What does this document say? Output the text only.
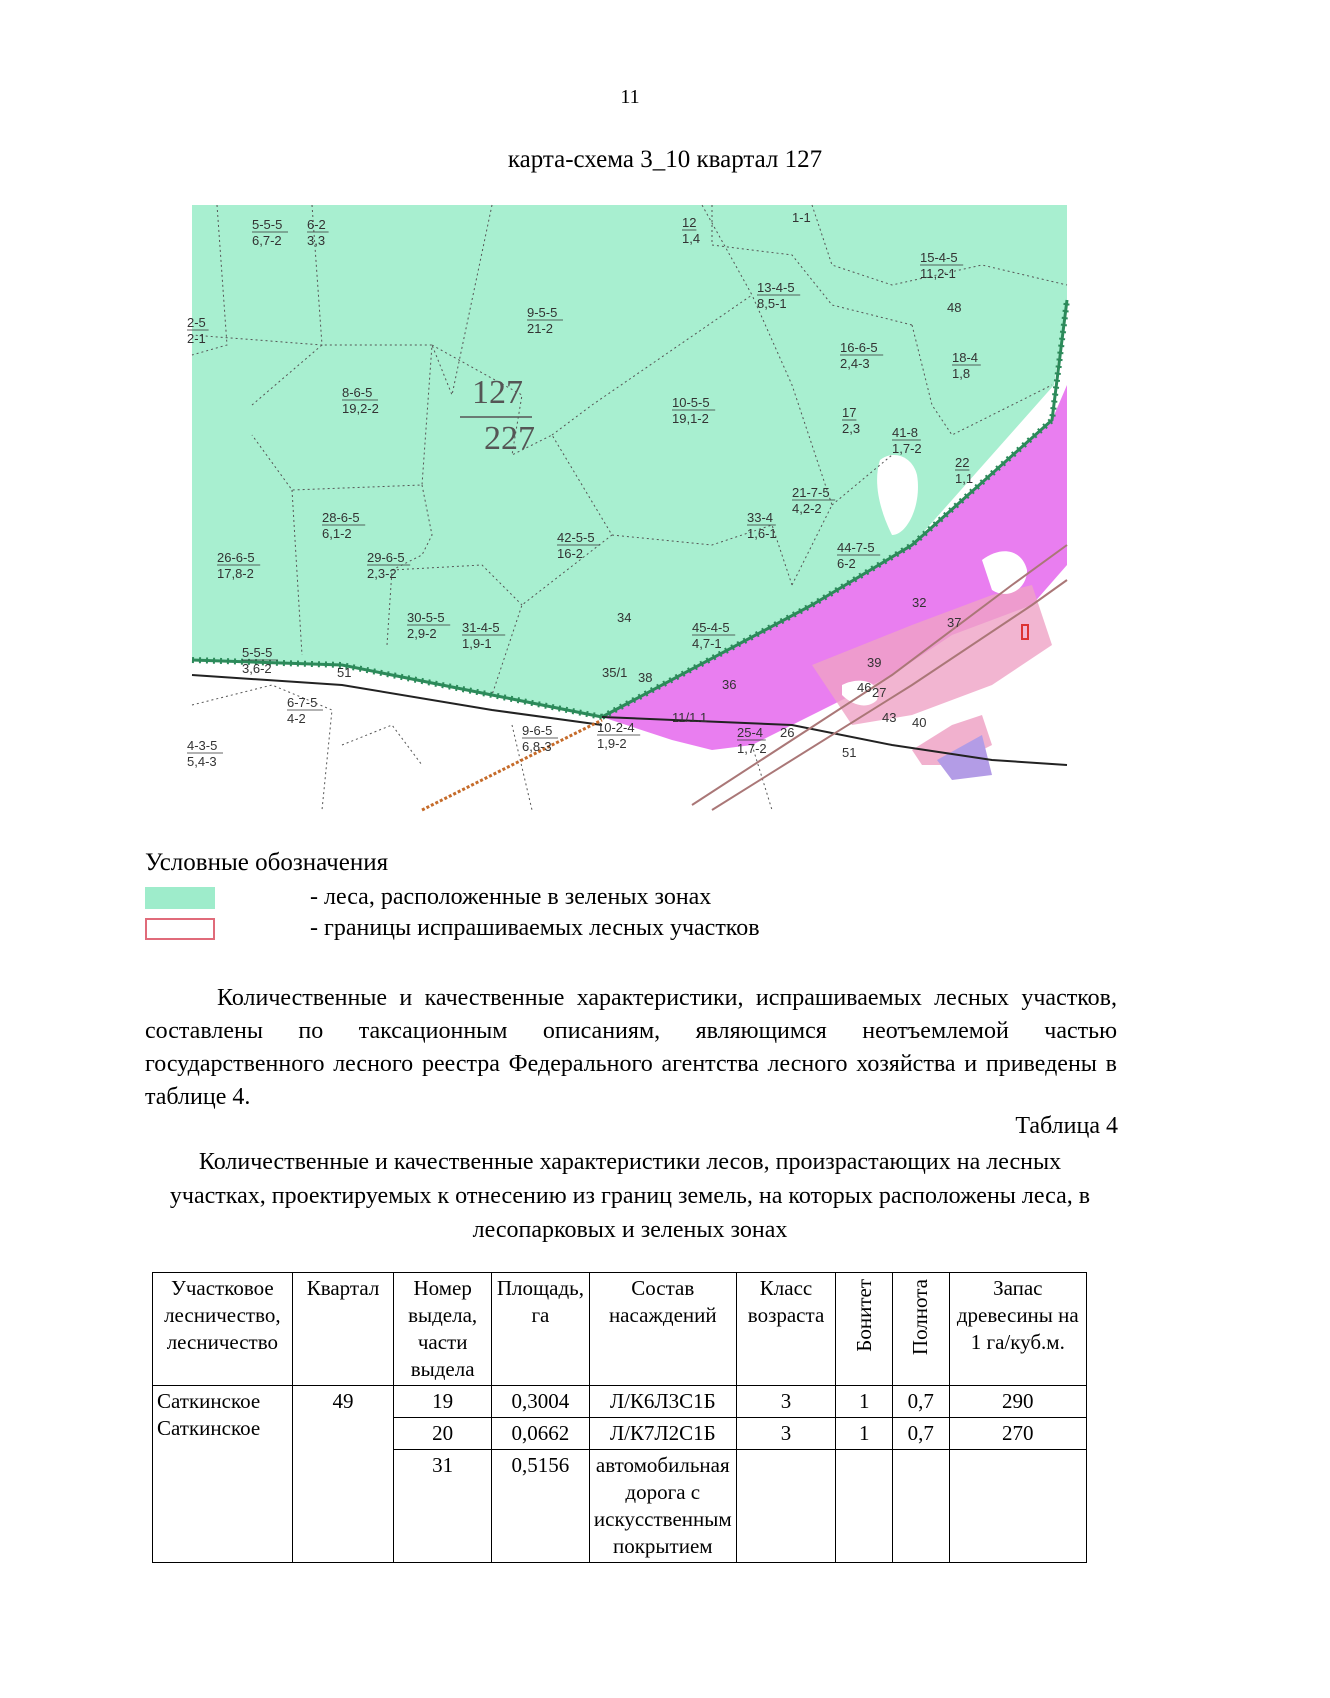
11
карта-схема 3_10 квартал 127
127
227
5-5-5
6,7-2
6-2
3,3
12
1,4
1-1
15-4-5
11,2-1
13-4-5
8,5-1
9-5-5
21-2
48
2-5
2-1
16-6-5
2,4-3	18-4
1,8
8-6-5
19,2-2	10-5-5
19,1-2	17
2,3 41-8
1,7-2
22
1,1
21-7-5
4,2-2
28-6-5
6,1-2
33-4
1,6-1
42-5-5
16-2	44-7-5
6-2
26-6-5
17,8-2
29-6-5
2,3-2
32
30-5-5
2,9-2 31-4-5
1,9-1
34
45-4-5
4,7-1
37
5-5-5
3,6-2	51	35/1 38	36
39
6-7-5
4-2
46 27
11/1.1	43 40
10-2-4
1,9-2
25-4
1,7-2
26
4-3-5
5,4-3
9-6-5
6,8-3	51
Условные обозначения
- леса, расположенные в зеленых зонах
- границы испрашиваемых лесных участков
Количественные и качественные характеристики, испрашиваемых лесных участков, составлены по таксационным описаниям, являющимся неотъемлемой частью государственного лесного реестра Федерального агентства лесного хозяйства и приведены в таблице 4.
Таблица 4
Количественные и качественные характеристики лесов, произрастающих на лесных участках, проектируемых к отнесению из границ земель, на которых расположены леса, в лесопарковых и зеленых зонах
Участковое лесничество, лесничество	Квартал	Номер выдела, части выдела	Площадь, га	Состав насаждений	Класс возраста	Бонитет	Полнота	Запас древесины на 1 га/куб.м.

Саткинское
Саткинское	49	19	0,3004	Л/К6Л3С1Б	3	1	0,7	290
		20	0,0662	Л/К7Л2С1Б	3	1	0,7	270
		31	0,5156	автомобильная дорога с искусственным покрытием				
